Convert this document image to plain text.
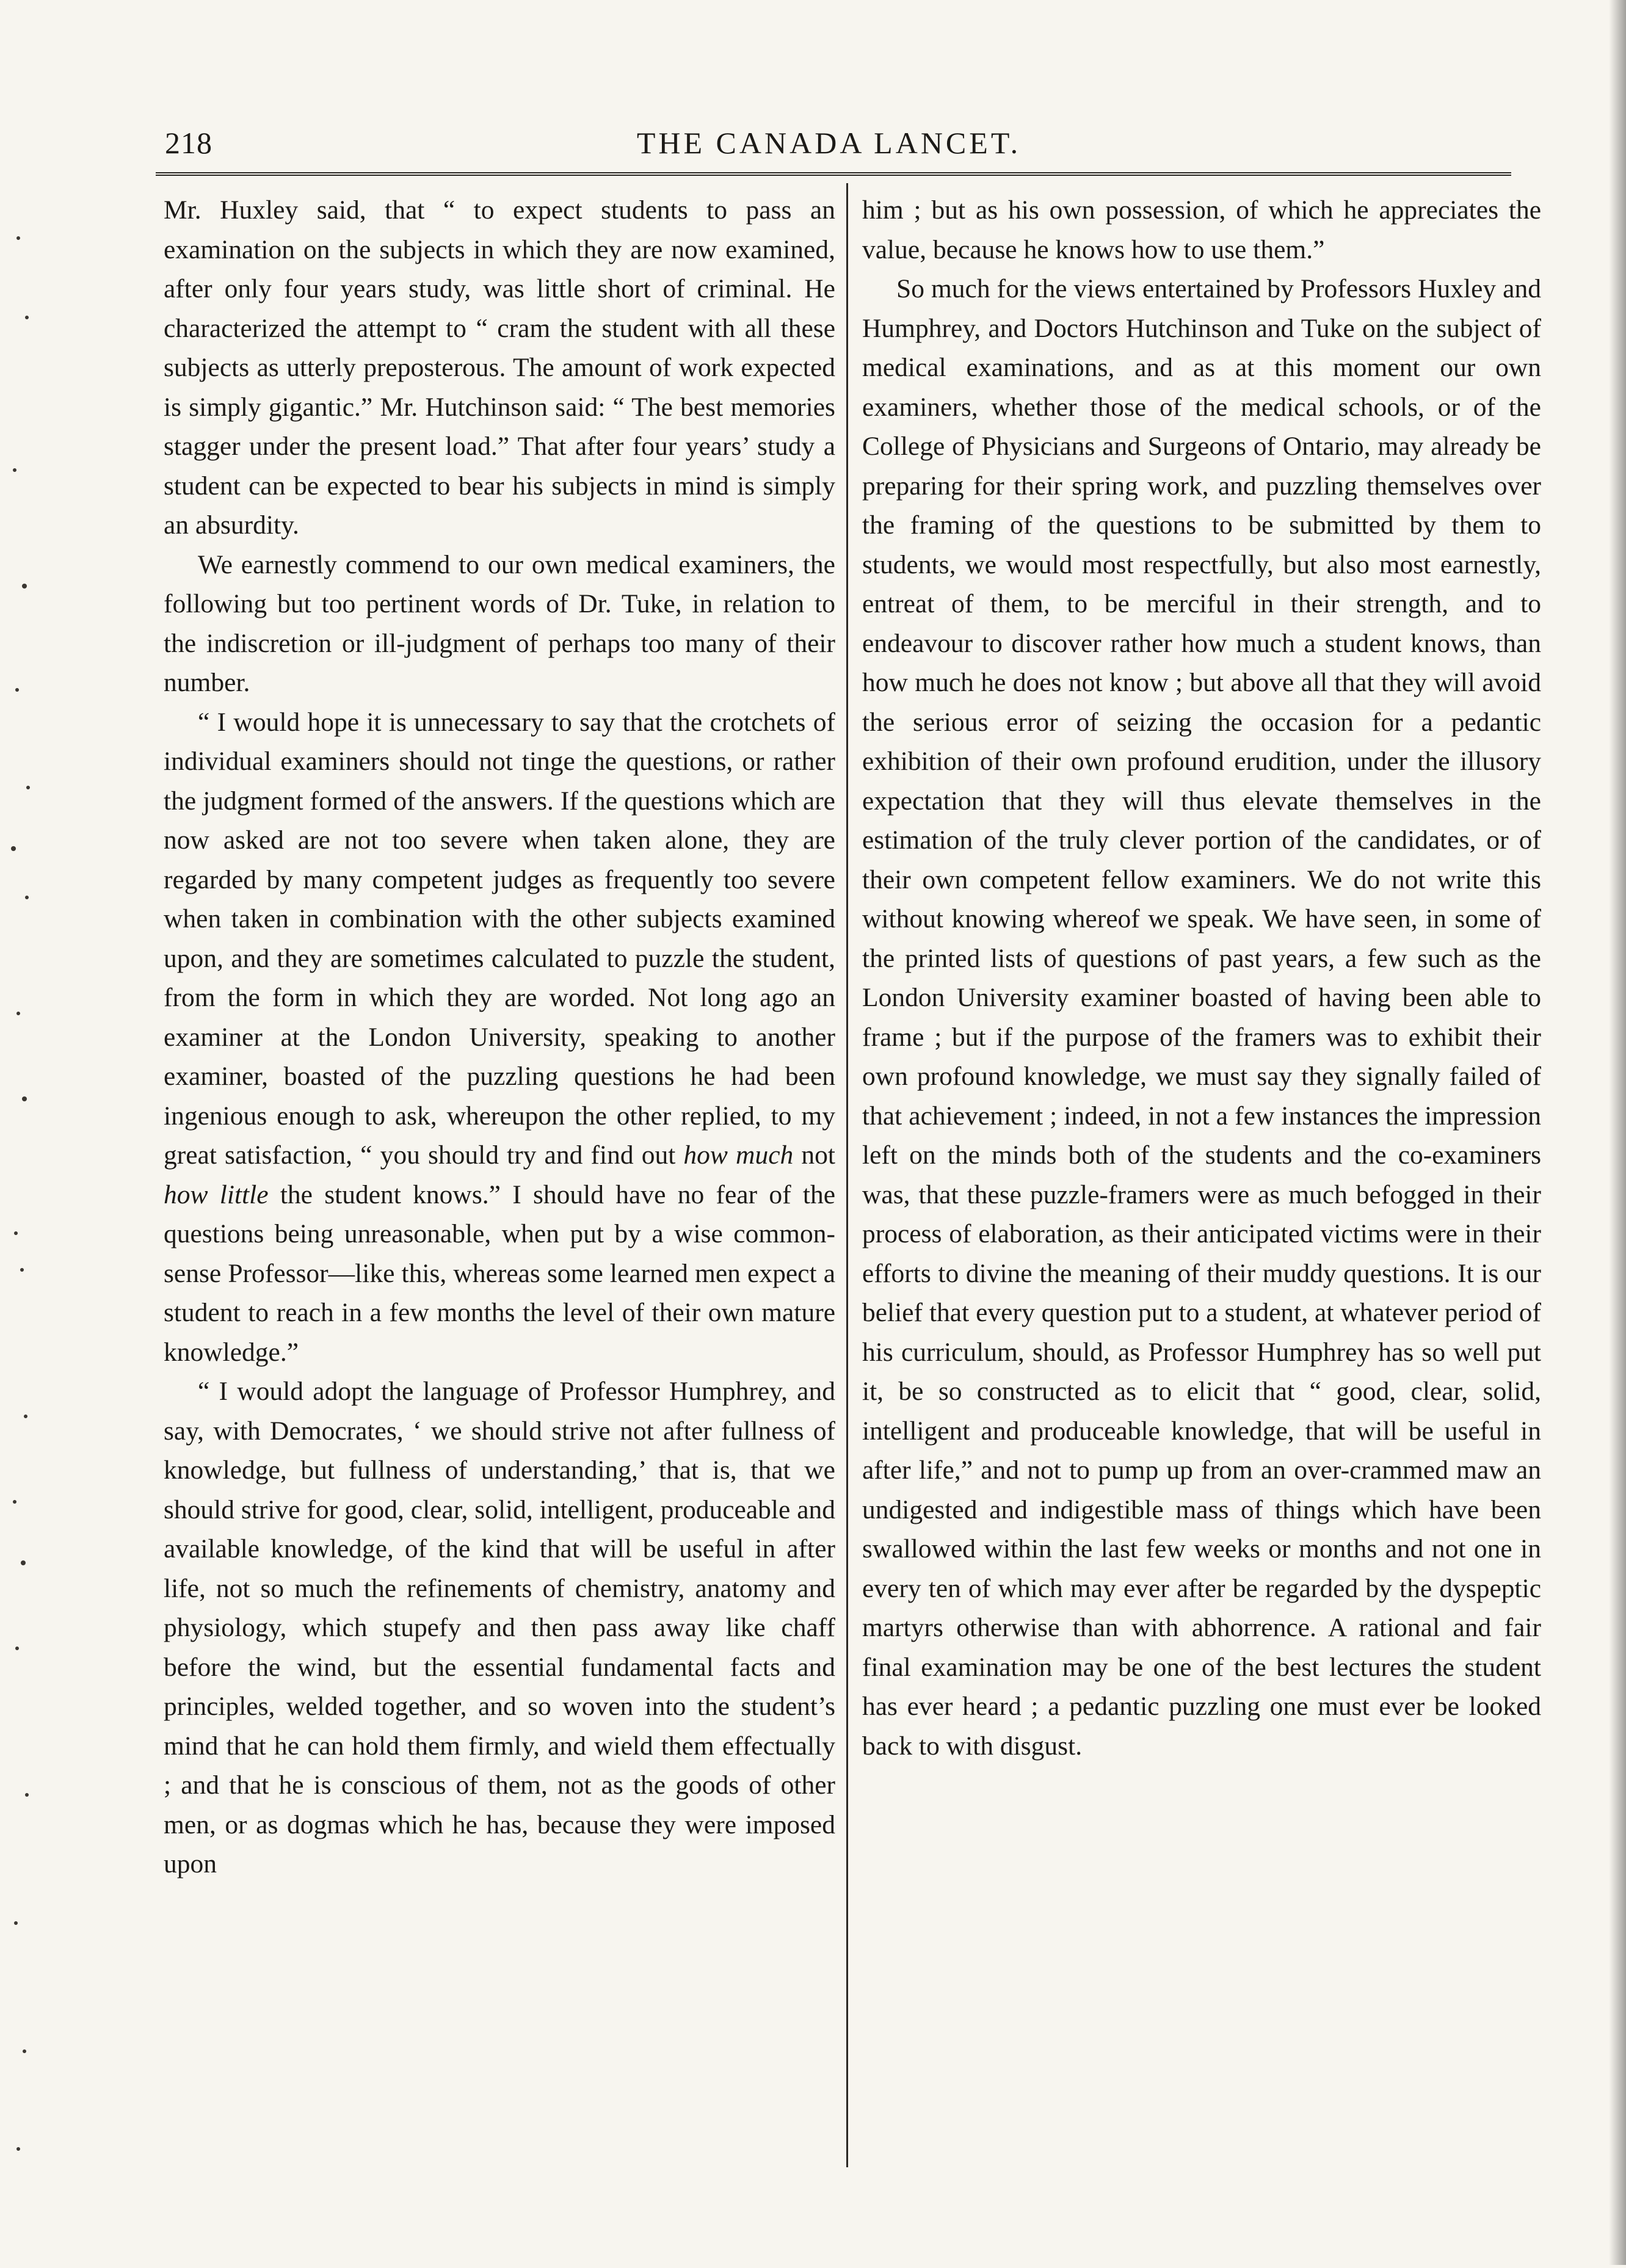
218	THE CANADA LANCET.

Mr. Huxley said, that “ to expect students to pass an examination on the subjects in which they are now examined, after only four years study, was little short of criminal. He characterized the attempt to “ cram the student with all these subjects as utterly preposterous. The amount of work expected is simply gigantic.” Mr. Hutchinson said: “ The best memories stagger under the present load.” That after four years’ study a student can be expected to bear his subjects in mind is simply an absurdity.

We earnestly commend to our own medical examiners, the following but too pertinent words of Dr. Tuke, in relation to the indiscretion or ill-judgment of perhaps too many of their number.

“ I would hope it is unnecessary to say that the crotchets of individual examiners should not tinge the questions, or rather the judgment formed of the answers. If the questions which are now asked are not too severe when taken alone, they are regarded by many competent judges as frequently too severe when taken in combination with the other subjects examined upon, and they are sometimes calculated to puzzle the student, from the form in which they are worded. Not long ago an examiner at the London University, speaking to another examiner, boasted of the puzzling questions he had been ingenious enough to ask, whereupon the other replied, to my great satisfaction, “ you should try and find out how much not how little the student knows.” I should have no fear of the questions being unreasonable, when put by a wise common-sense Professor—like this, whereas some learned men expect a student to reach in a few months the level of their own mature knowledge.”

“ I would adopt the language of Professor Humphrey, and say, with Democrates, ‘ we should strive not after fullness of knowledge, but fullness of understanding,’ that is, that we should strive for good, clear, solid, intelligent, produceable and available knowledge, of the kind that will be useful in after life, not so much the refinements of chemistry, anatomy and physiology, which stupefy and then pass away like chaff before the wind, but the essential fundamental facts and principles, welded together, and so woven into the student’s mind that he can hold them firmly, and wield them effectually ; and that he is conscious of them, not as the goods of other men, or as dogmas which he has, because they were imposed upon

him ; but as his own possession, of which he appreciates the value, because he knows how to use them.”

So much for the views entertained by Professors Huxley and Humphrey, and Doctors Hutchinson and Tuke on the subject of medical examinations, and as at this moment our own examiners, whether those of the medical schools, or of the College of Physicians and Surgeons of Ontario, may already be preparing for their spring work, and puzzling themselves over the framing of the questions to be submitted by them to students, we would most respectfully, but also most earnestly, entreat of them, to be merciful in their strength, and to endeavour to discover rather how much a student knows, than how much he does not know ; but above all that they will avoid the serious error of seizing the occasion for a pedantic exhibition of their own profound erudition, under the illusory expectation that they will thus elevate themselves in the estimation of the truly clever portion of the candidates, or of their own competent fellow examiners. We do not write this without knowing whereof we speak. We have seen, in some of the printed lists of questions of past years, a few such as the London University examiner boasted of having been able to frame ; but if the purpose of the framers was to exhibit their own profound knowledge, we must say they signally failed of that achievement ; indeed, in not a few instances the impression left on the minds both of the students and the co-examiners was, that these puzzle-framers were as much befogged in their process of elaboration, as their anticipated victims were in their efforts to divine the meaning of their muddy questions. It is our belief that every question put to a student, at whatever period of his curriculum, should, as Professor Humphrey has so well put it, be so constructed as to elicit that “ good, clear, solid, intelligent and produceable knowledge, that will be useful in after life,” and not to pump up from an over-crammed maw an undigested and indigestible mass of things which have been swallowed within the last few weeks or months and not one in every ten of which may ever after be regarded by the dyspeptic martyrs otherwise than with abhorrence. A rational and fair final examination may be one of the best lectures the student has ever heard ; a pedantic puzzling one must ever be looked back to with disgust.
